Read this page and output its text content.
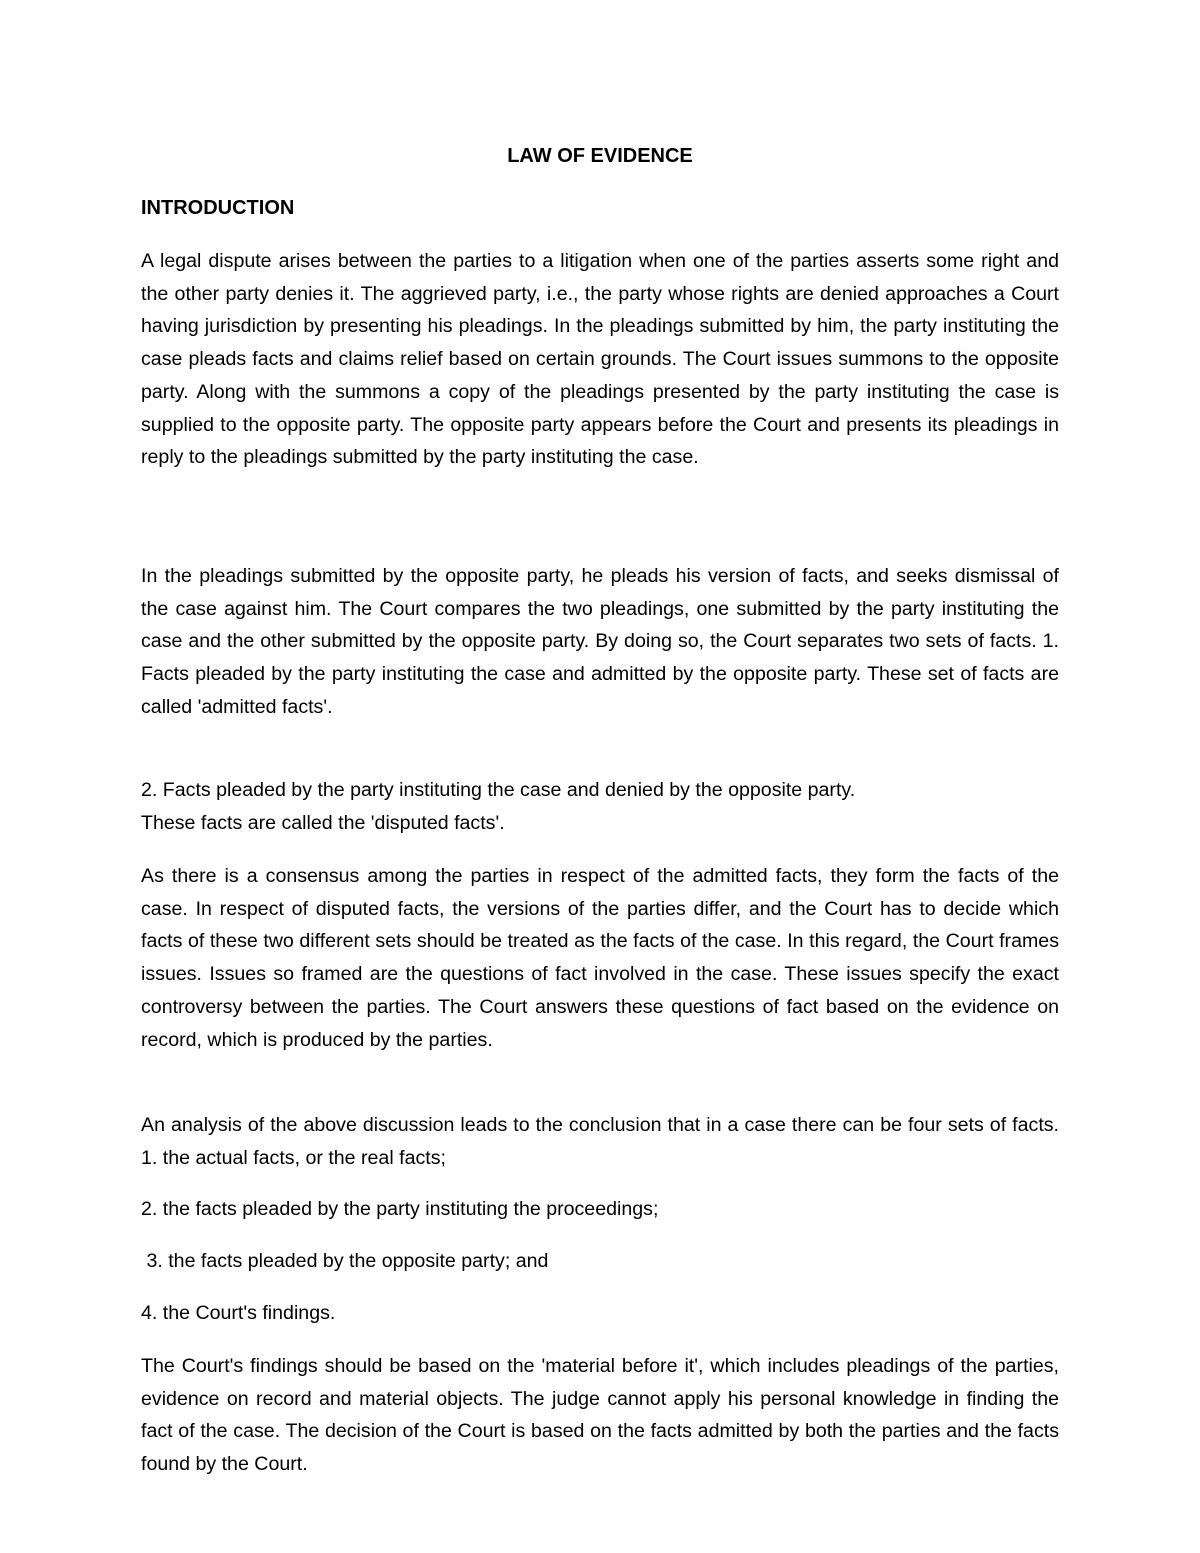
LAW OF EVIDENCE
INTRODUCTION

A legal dispute arises between the parties to a litigation when one of the parties asserts some right and the other party denies it. The aggrieved party, i.e., the party whose rights are denied approaches a Court having jurisdiction by presenting his pleadings. In the pleadings submitted by him, the party instituting the case pleads facts and claims relief based on certain grounds. The Court issues summons to the opposite party. Along with the summons a copy of the pleadings presented by the party instituting the case is supplied to the opposite party. The opposite party appears before the Court and presents its pleadings in reply to the pleadings submitted by the party instituting the case.

In the pleadings submitted by the opposite party, he pleads his version of facts, and seeks dismissal of the case against him. The Court compares the two pleadings, one submitted by the party instituting the case and the other submitted by the opposite party. By doing so, the Court separates two sets of facts. 1. Facts pleaded by the party instituting the case and admitted by the opposite party. These set of facts are called 'admitted facts'.

2. Facts pleaded by the party instituting the case and denied by the opposite party.
These facts are called the 'disputed facts'.

As there is a consensus among the parties in respect of the admitted facts, they form the facts of the case. In respect of disputed facts, the versions of the parties differ, and the Court has to decide which facts of these two different sets should be treated as the facts of the case. In this regard, the Court frames issues. Issues so framed are the questions of fact involved in the case. These issues specify the exact controversy between the parties. The Court answers these questions of fact based on the evidence on record, which is produced by the parties.

An analysis of the above discussion leads to the conclusion that in a case there can be four sets of facts. 1. the actual facts, or the real facts;

2. the facts pleaded by the party instituting the proceedings;

3. the facts pleaded by the opposite party; and

4. the Court's findings.

The Court's findings should be based on the 'material before it', which includes pleadings of the parties, evidence on record and material objects. The judge cannot apply his personal knowledge in finding the fact of the case. The decision of the Court is based on the facts admitted by both the parties and the facts found by the Court.
